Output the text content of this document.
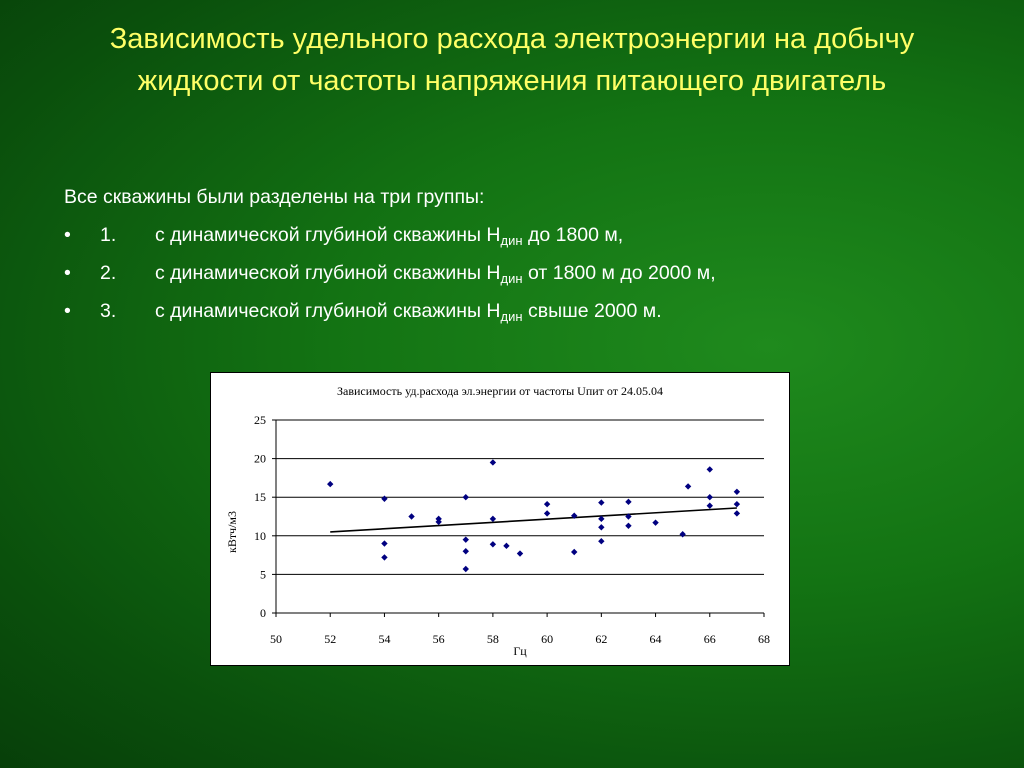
Зависимость удельного расхода электроэнергии на добычу жидкости от частоты напряжения питающего двигатель
Все скважины были разделены на три группы:
• 1. с динамической глубиной скважины $Н_{дин}$ до 1800 м,
• 2. с динамической глубиной скважины $Н_{дин}$ от 1800 м до 2000 м,
• 3. с динамической глубиной скважины $Н_{дин}$ свыше 2000 м.
Зависимость уд.расхода эл.энергии от частоты Uпит от 24.05.04
0
5
10
15
20
25
50	52	54	56	58	60	62	64	66	68
Гц
кВтч/м3
